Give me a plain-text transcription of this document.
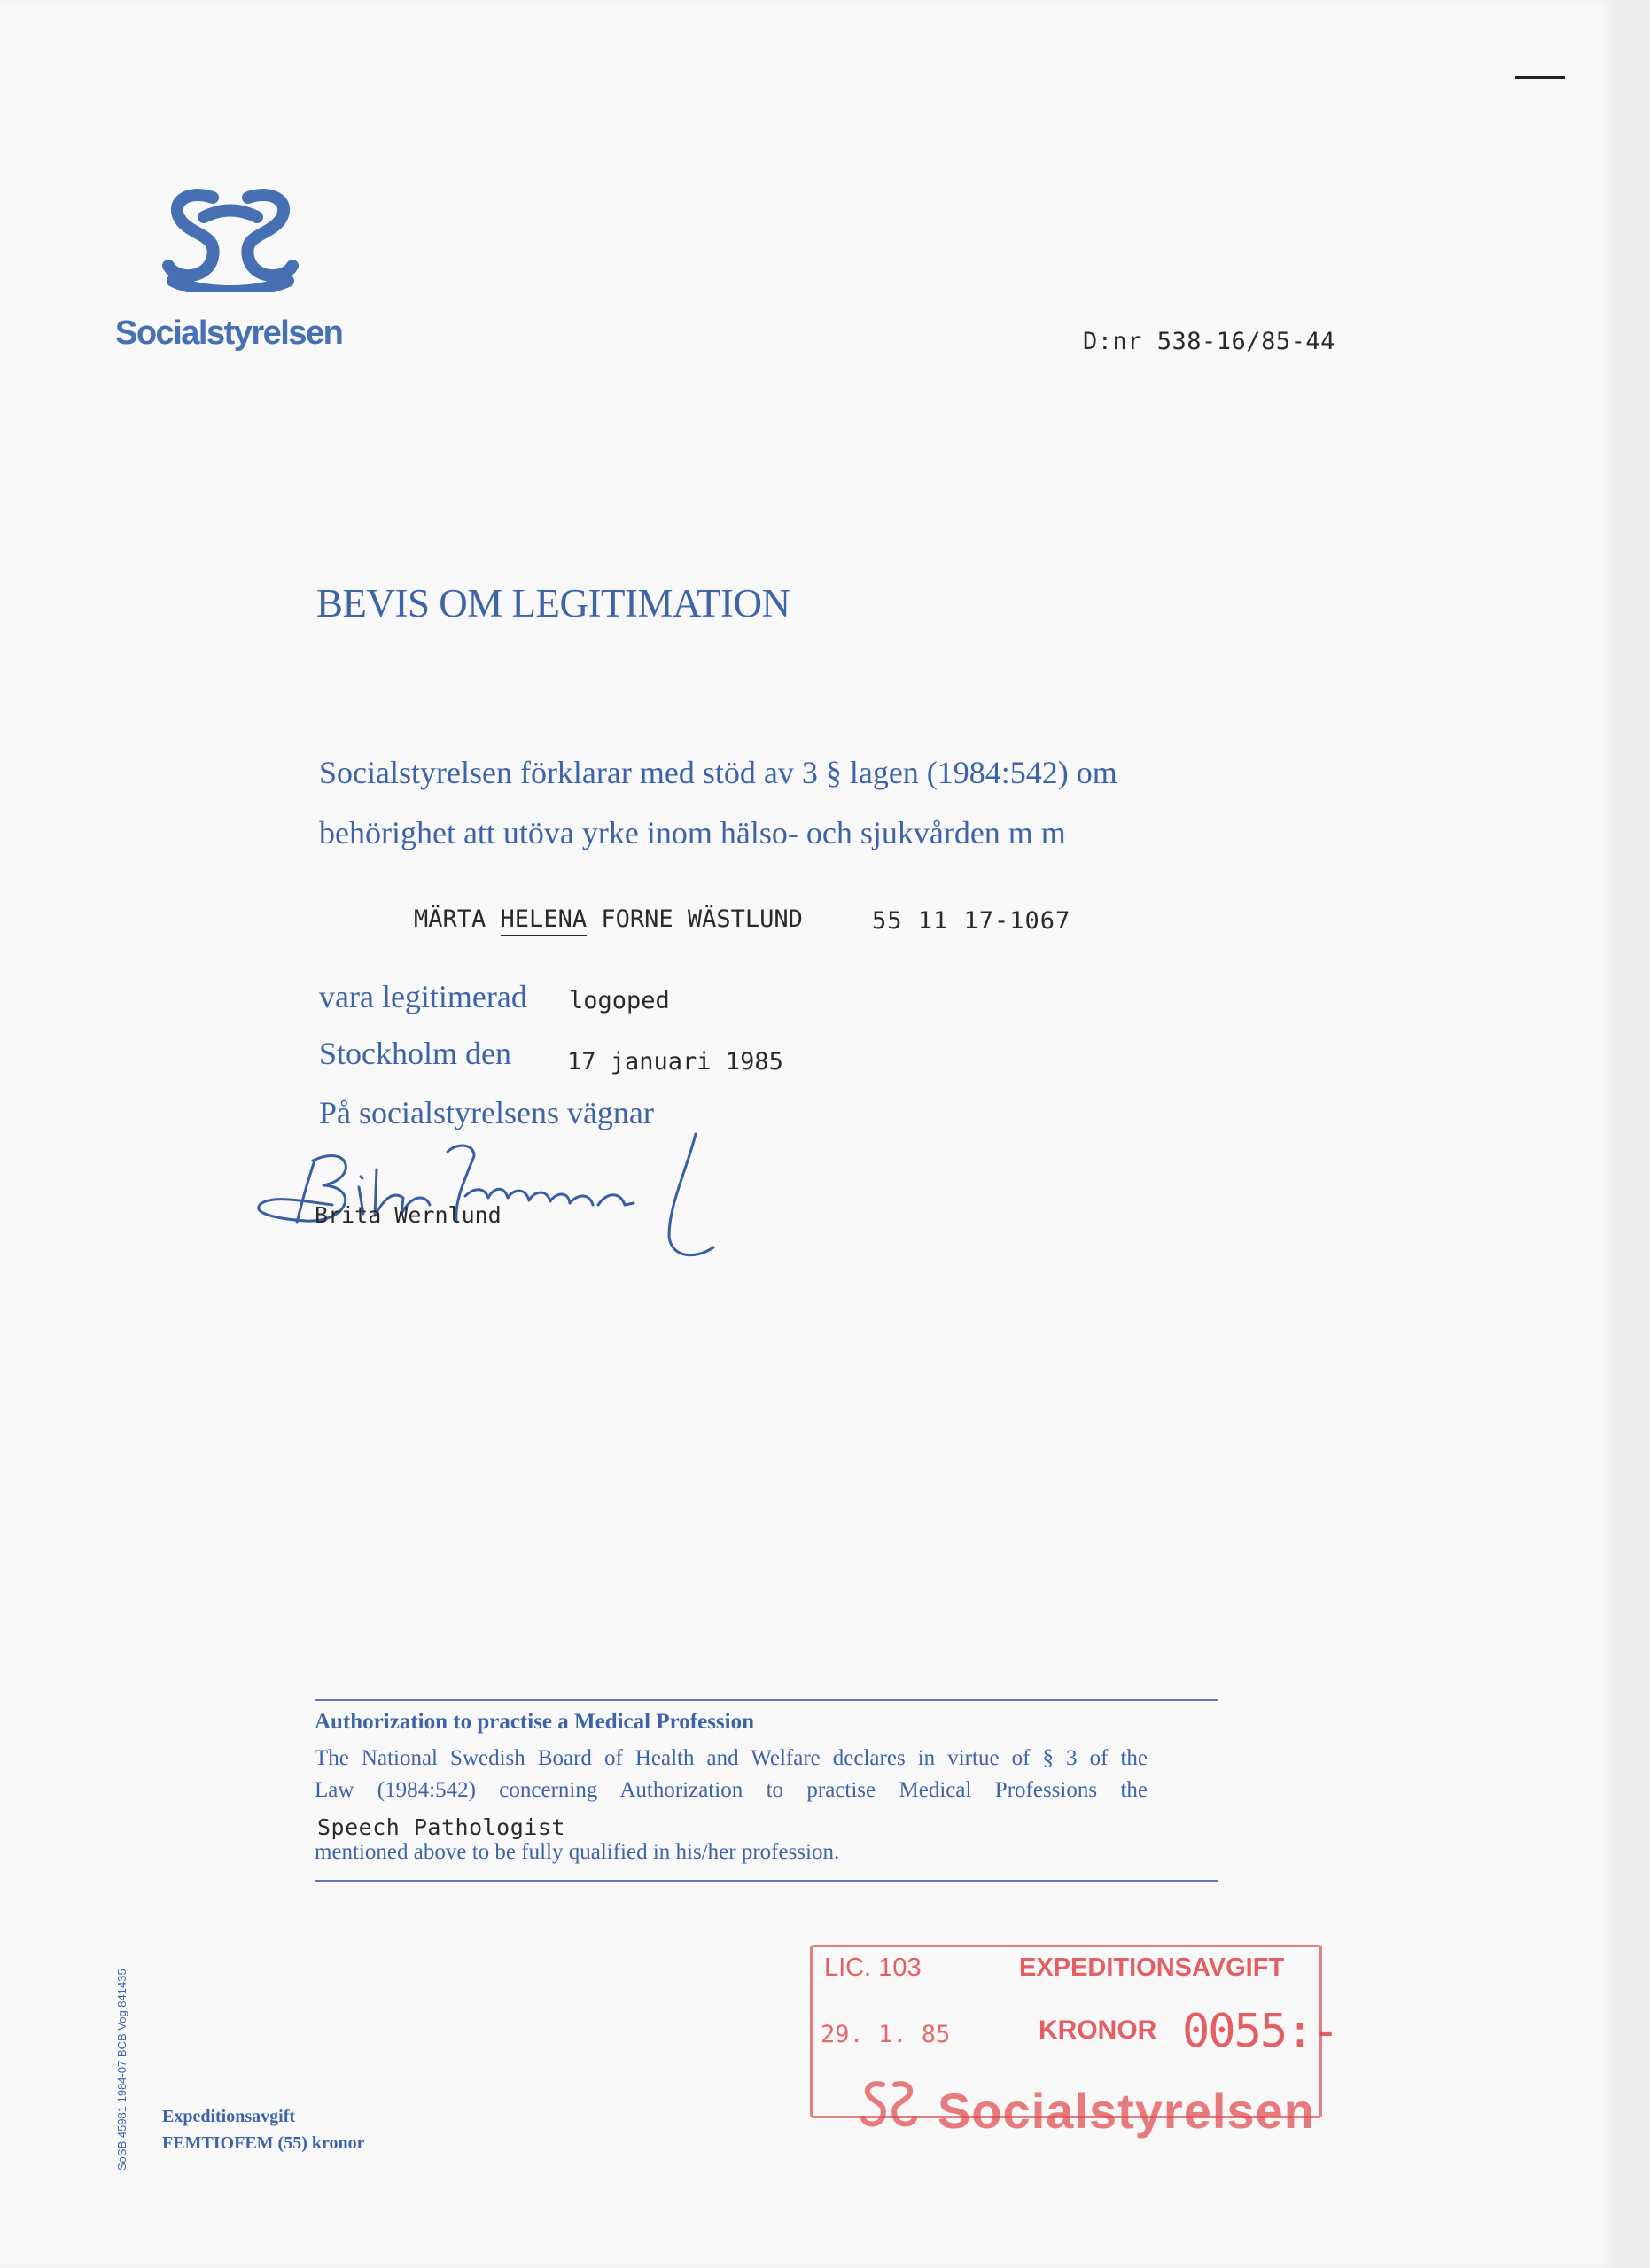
Socialstyrelsen	D:nr 538-16/85-44
BEVIS OM LEGITIMATION
Socialstyrelsen förklarar med stöd av 3 § lagen (1984:542) om
behörighet att utöva yrke inom hälso- och sjukvården m m
MÄRTA HELENA FORNE WÄSTLUND	55 11 17-1067
vara legitimerad logoped
Stockholm den 17 januari 1985
På socialstyrelsens vägnar
Brita Wernlund
Authorization to practise a Medical Profession
The National Swedish Board of Health and Welfare declares in virtue of § 3 of the
Law (1984:542) concerning Authorization to practise Medical Professions the
Speech Pathologist
mentioned above to be fully qualified in his/her profession.
SoSB 45981 1984-07 BCB Vog 841435 Expeditionsavgift
FEMTIOFEM (55) kronor
LIC. 103	EXPEDITIONSAVGIFT
29. 1. 85	KRONOR 0055:-
Socialstyrelsen
